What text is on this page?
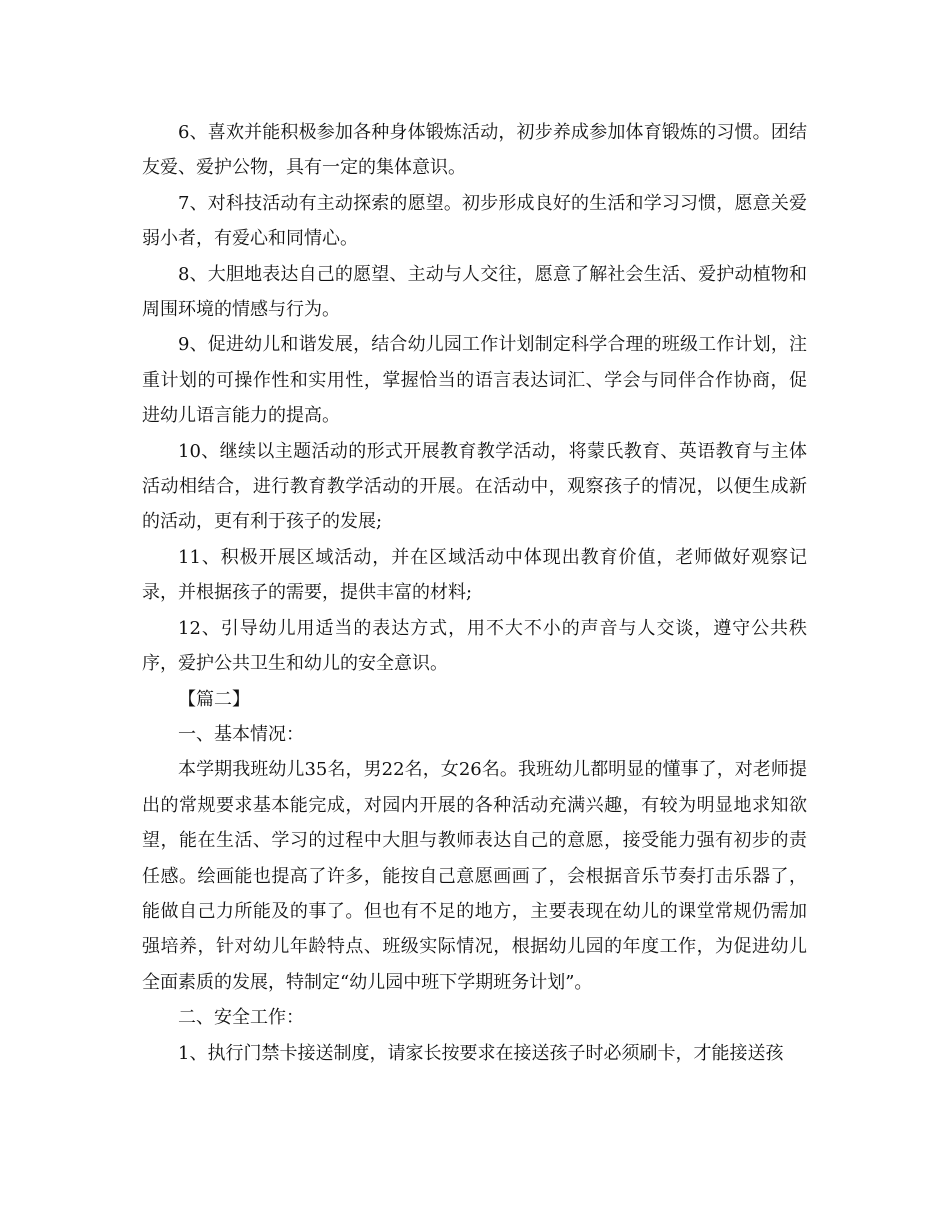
6、喜欢并能积极参加各种身体锻炼活动，初步养成参加体育锻炼的习惯。团结友爱、爱护公物，具有一定的集体意识。

7、对科技活动有主动探索的愿望。初步形成良好的生活和学习习惯，愿意关爱弱小者，有爱心和同情心。

8、大胆地表达自己的愿望、主动与人交往，愿意了解社会生活、爱护动植物和周围环境的情感与行为。

9、促进幼儿和谐发展，结合幼儿园工作计划制定科学合理的班级工作计划，注重计划的可操作性和实用性，掌握恰当的语言表达词汇、学会与同伴合作协商，促进幼儿语言能力的提高。

10、继续以主题活动的形式开展教育教学活动，将蒙氏教育、英语教育与主体活动相结合，进行教育教学活动的开展。在活动中，观察孩子的情况，以便生成新的活动，更有利于孩子的发展;

11、积极开展区域活动，并在区域活动中体现出教育价值，老师做好观察记录，并根据孩子的需要，提供丰富的材料;

12、引导幼儿用适当的表达方式，用不大不小的声音与人交谈，遵守公共秩序，爱护公共卫生和幼儿的安全意识。

【篇二】

一、基本情况：

本学期我班幼儿35名，男22名，女26名。我班幼儿都明显的懂事了，对老师提出的常规要求基本能完成，对园内开展的各种活动充满兴趣，有较为明显地求知欲望，能在生活、学习的过程中大胆与教师表达自己的意愿，接受能力强有初步的责任感。绘画能也提高了许多，能按自己意愿画画了，会根据音乐节奏打击乐器了，能做自己力所能及的事了。但也有不足的地方，主要表现在幼儿的课堂常规仍需加强培养，针对幼儿年龄特点、班级实际情况，根据幼儿园的年度工作，为促进幼儿全面素质的发展，特制定“幼儿园中班下学期班务计划”。

二、安全工作：

1、执行门禁卡接送制度，请家长按要求在接送孩子时必须刷卡，才能接送孩
